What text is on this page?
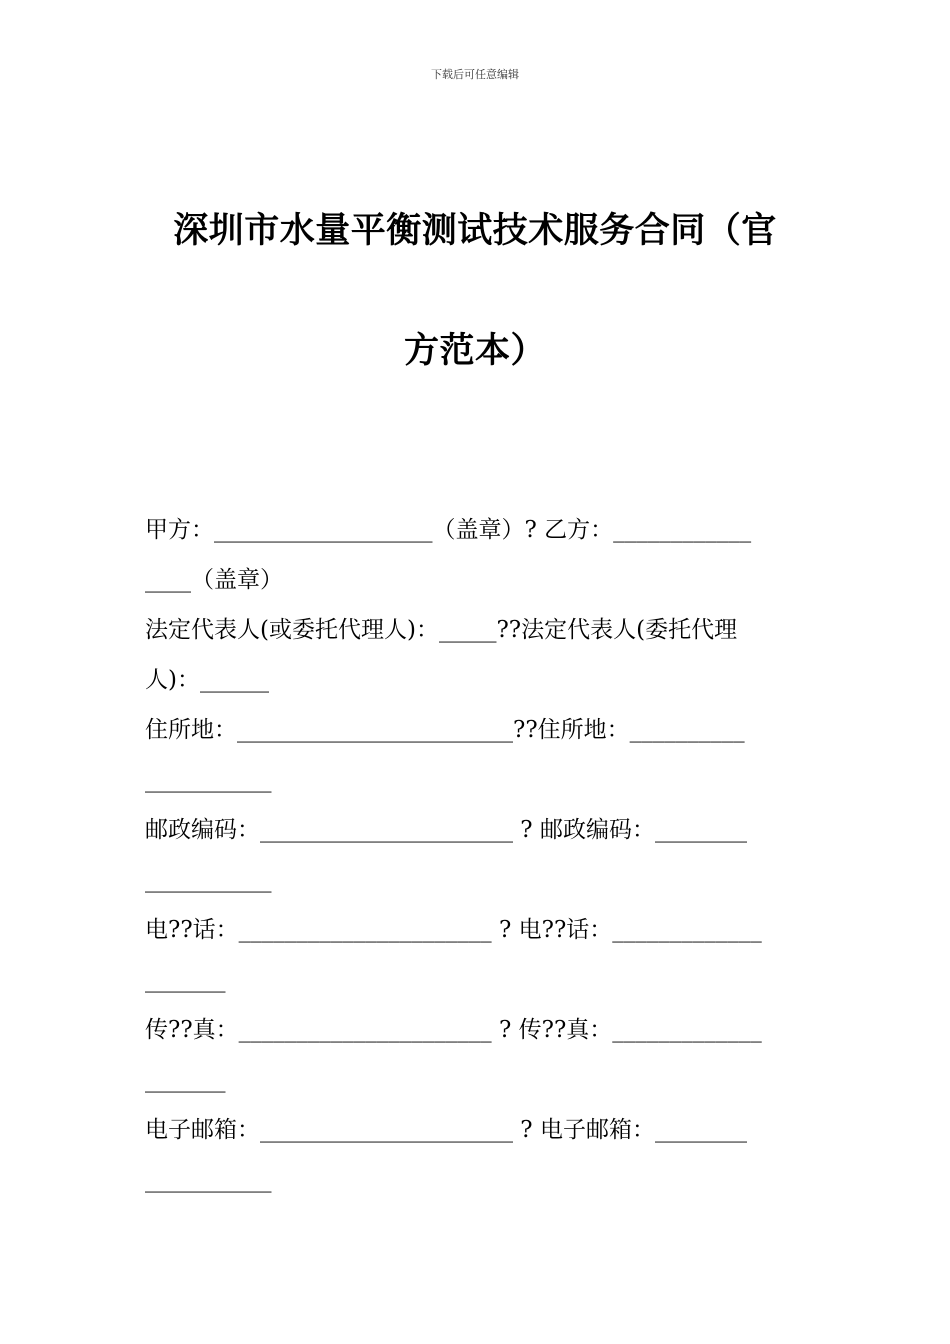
下载后可任意编辑
深圳市水量平衡测试技术服务合同（官
方范本）
甲方：___________________（盖章）? 乙方：____________
____（盖章）
法定代表人(或委托代理人)：_____??法定代表人(委托代理
人)：______
住所地：________________________??住所地：__________
___________
邮政编码：______________________ ? 邮政编码：________
___________
电??话：______________________ ? 电??话：_____________
_______
传??真：______________________ ? 传??真：_____________
_______
电子邮箱：______________________ ? 电子邮箱：________
___________
